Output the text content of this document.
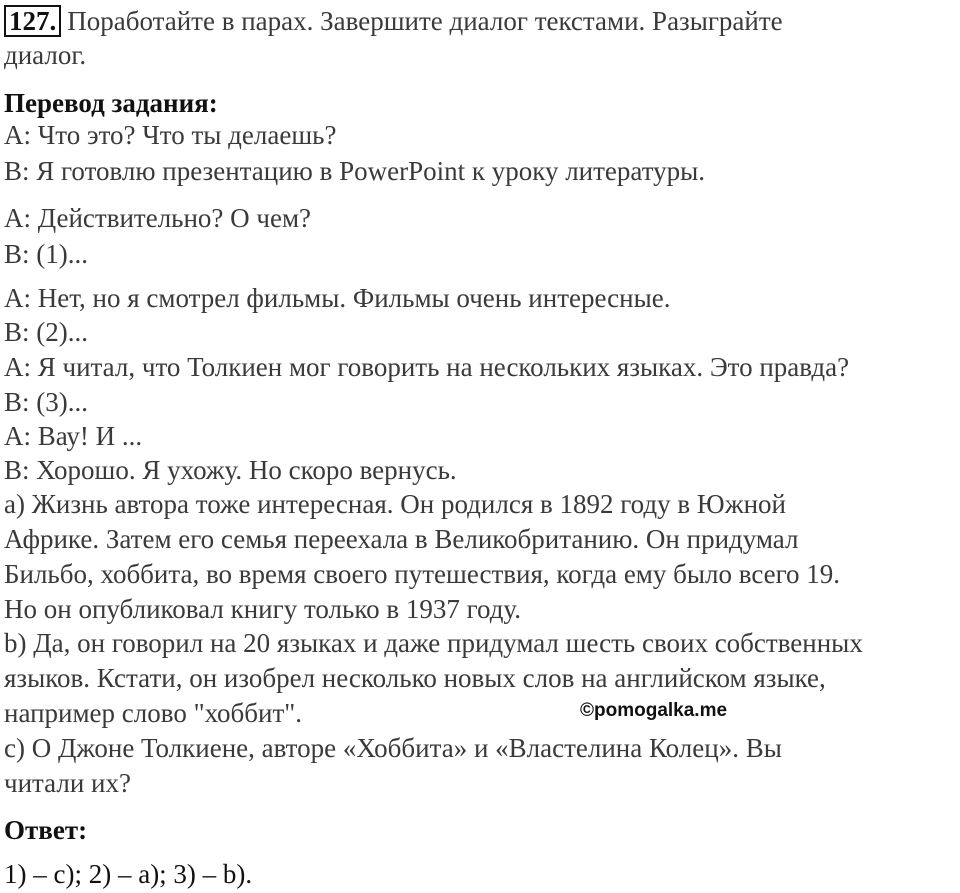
127. Поработайте в парах. Завершите диалог текстами. Разыграйте
диалог.
Перевод задания:
A: Что это? Что ты делаешь?
B: Я готовлю презентацию в PowerPoint к уроку литературы.
A: Действительно? О чем?
B: (1)...
A: Нет, но я смотрел фильмы. Фильмы очень интересные.
B: (2)...
A: Я читал, что Толкиен мог говорить на нескольких языках. Это правда?
B: (3)...
A: Вау! И ...
B: Хорошо. Я ухожу. Но скоро вернусь.
a) Жизнь автора тоже интересная. Он родился в 1892 году в Южной
Африке. Затем его семья переехала в Великобританию. Он придумал
Бильбо, хоббита, во время своего путешествия, когда ему было всего 19.
Но он опубликовал книгу только в 1937 году.
b) Да, он говорил на 20 языках и даже придумал шесть своих собственных
языков. Кстати, он изобрел несколько новых слов на английском языке,
например слово "хоббит".	©pomogalka.me
c) О Джоне Толкиене, авторе «Хоббита» и «Властелина Колец». Вы
читали их?
Ответ:
1) – c); 2) – a); 3) – b).
